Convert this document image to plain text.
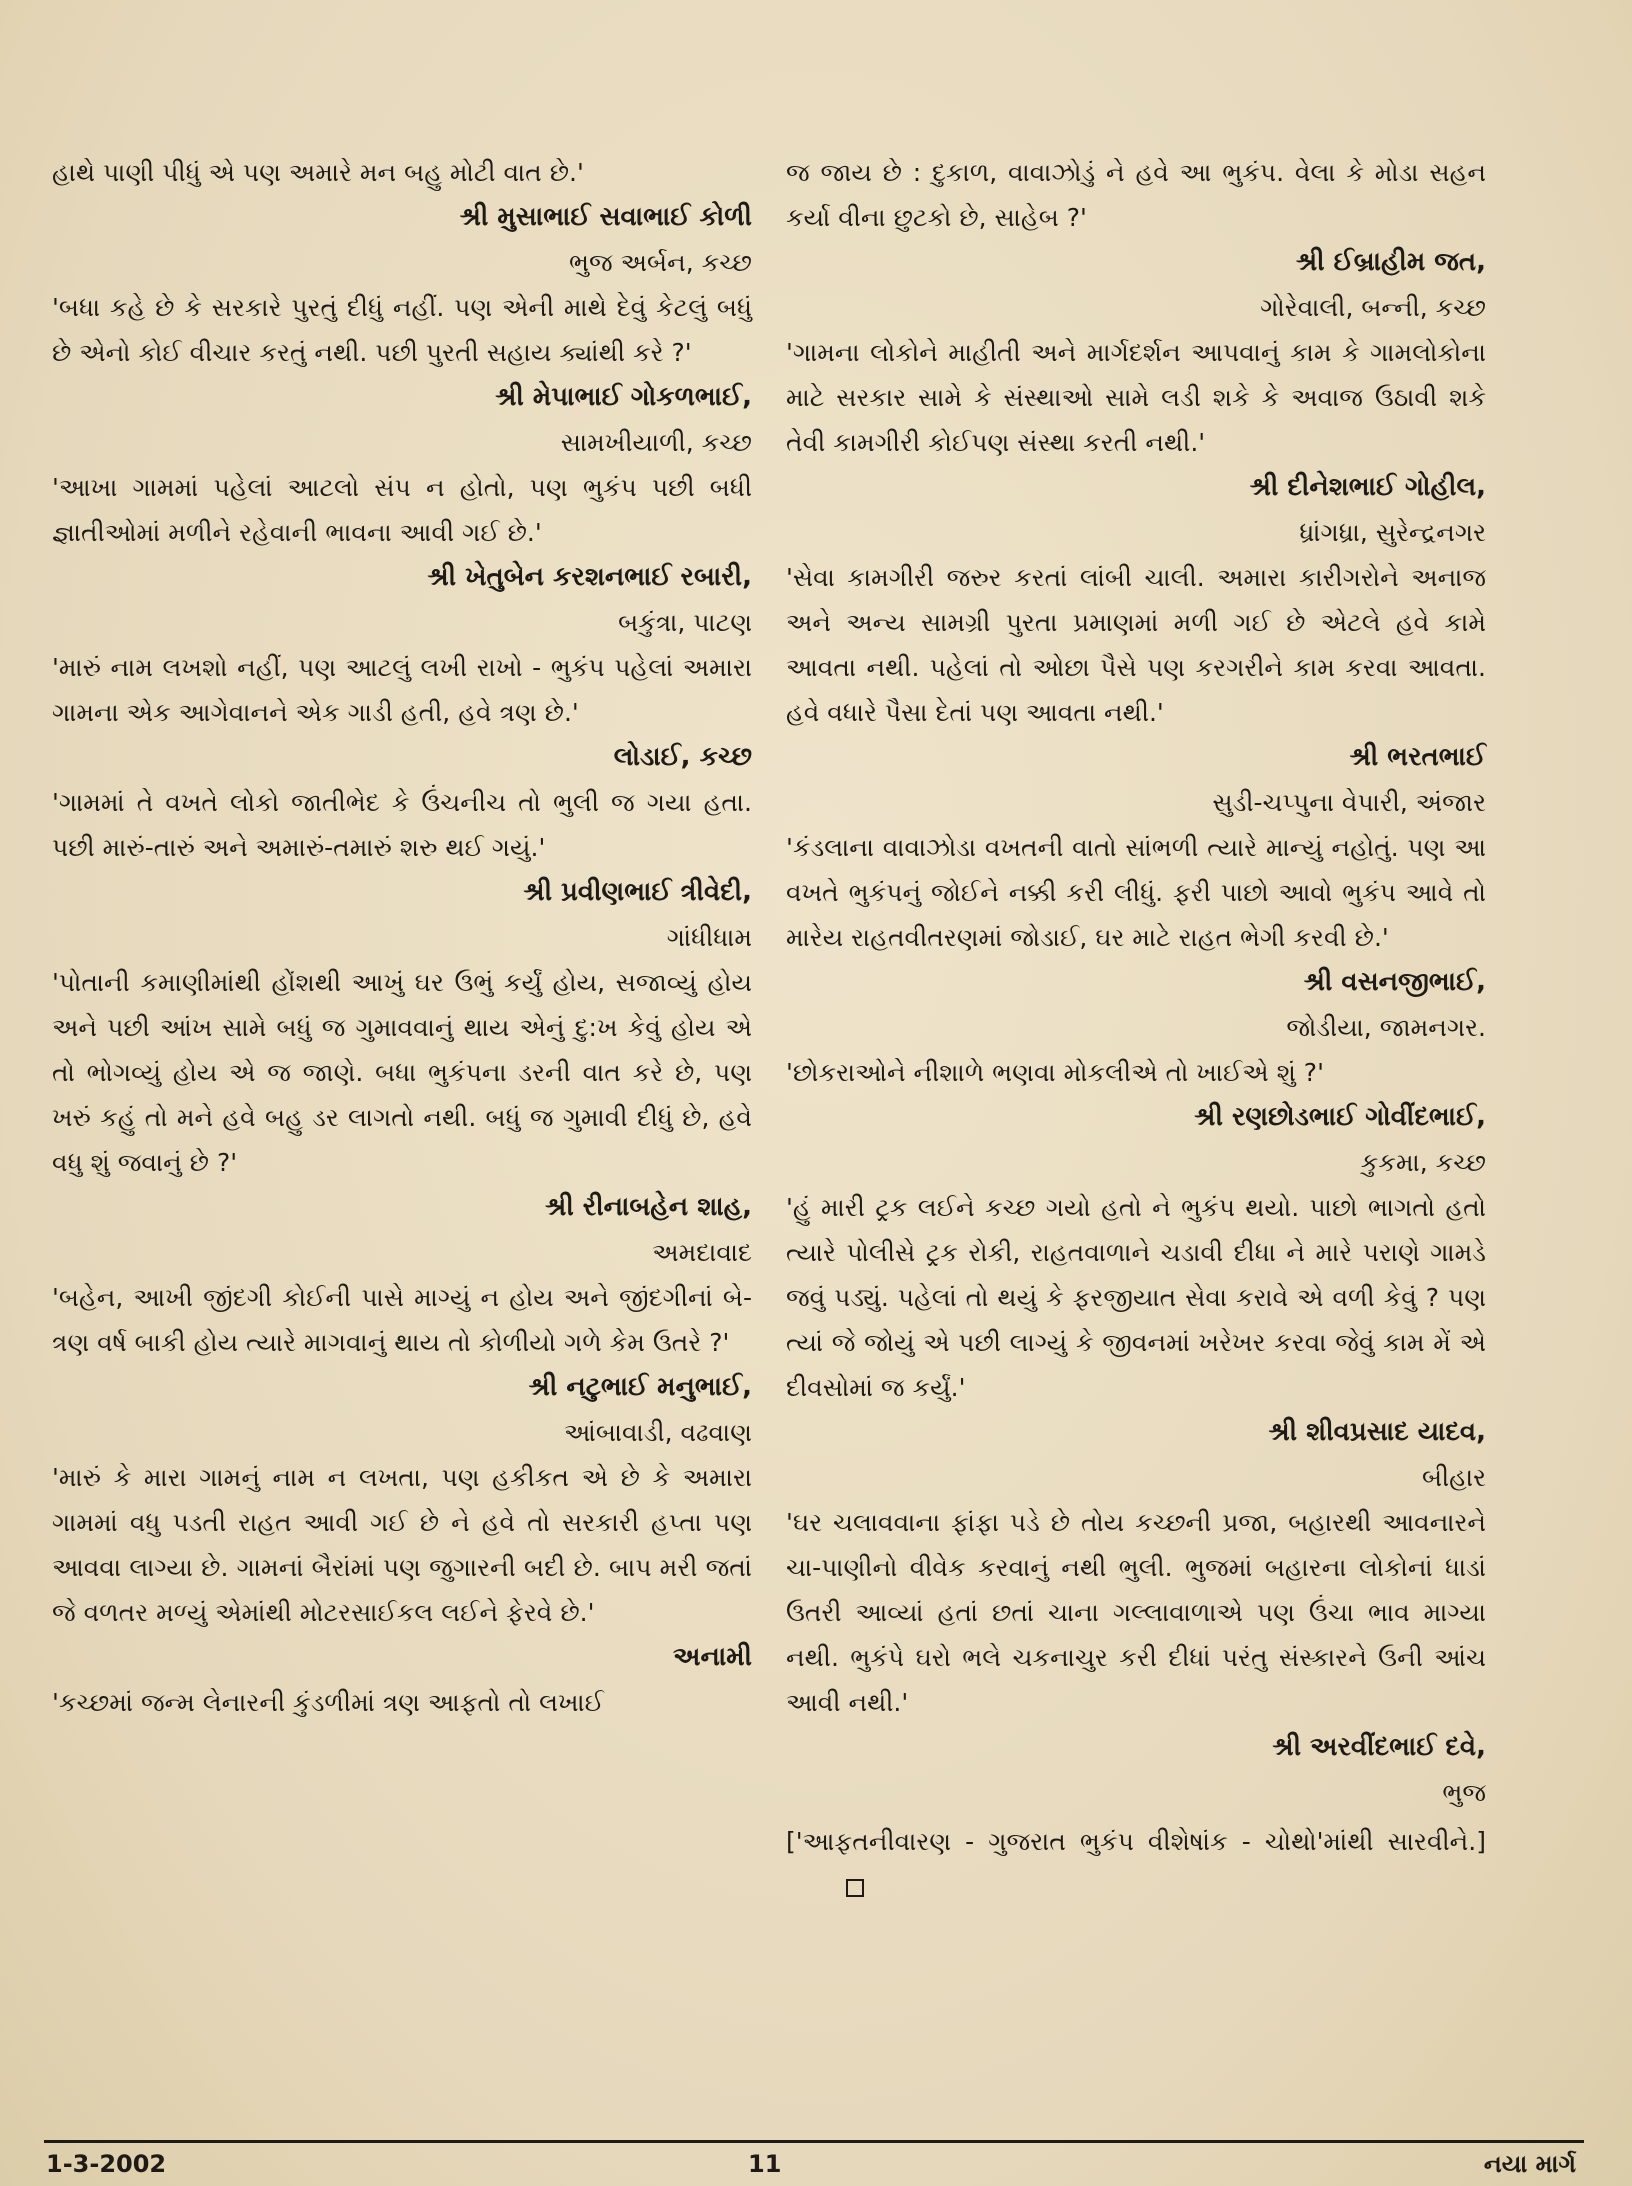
હાથે પાણી પીધું એ પણ અમારે મન બહુ મોટી વાત છે.'

શ્રી મુસાભાઈ સવાભાઈ કોળી

ભુજ અર્બન, કચ્છ

'બધા કહે છે કે સરકારે પુરતું દીધું નહીં. પણ એની માથે દેવું કેટલું બધું છે એનો કોઈ વીચાર કરતું નથી. પછી પુરતી સહાય ક્યાંથી કરે ?'

શ્રી મેપાભાઈ ગોકળભાઈ,

સામખીયાળી, કચ્છ

'આખા ગામમાં પહેલાં આટલો સંપ ન હોતો, પણ ભુકંપ પછી બધી જ્ઞાતીઓમાં મળીને રહેવાની ભાવના આવી ગઈ છે.'

શ્રી ખેતુબેન કરશનભાઈ રબારી,

બકુંત્રા, પાટણ

'મારું નામ લખશો નહીં, પણ આટલું લખી રાખો - ભુકંપ પહેલાં અમારા ગામના એક આગેવાનને એક ગાડી હતી, હવે ત્રણ છે.'

લોડાઈ, કચ્છ

'ગામમાં તે વખતે લોકો જાતીભેદ કે ઉંચનીચ તો ભુલી જ ગયા હતા. પછી મારું-તારું અને અમારું-તમારું શરુ થઈ ગયું.'

શ્રી પ્રવીણભાઈ ત્રીવેદી,

ગાંધીધામ

'પોતાની કમાણીમાંથી હોંશથી આખું ઘર ઉભું કર્યું હોય, સજાવ્યું હોય અને પછી આંખ સામે બધું જ ગુમાવવાનું થાય એનું દુ:ખ કેવું હોય એ તો ભોગવ્યું હોય એ જ જાણે. બધા ભુકંપના ડરની વાત કરે છે, પણ ખરું કહું તો મને હવે બહુ ડર લાગતો નથી. બધું જ ગુમાવી દીધું છે, હવે વધુ શું જવાનું છે ?'

શ્રી રીનાબહેન શાહ,

અમદાવાદ

'બહેન, આખી જીંદગી કોઈની પાસે માગ્યું ન હોય અને જીંદગીનાં બે-ત્રણ વર્ષ બાકી હોય ત્યારે માગવાનું થાય તો કોળીયો ગળે કેમ ઉતરે ?'

શ્રી નટુભાઈ મનુભાઈ,

આંબાવાડી, વઢવાણ

'મારું કે મારા ગામનું નામ ન લખતા, પણ હકીકત એ છે કે અમારા ગામમાં વધુ પડતી રાહત આવી ગઈ છે ને હવે તો સરકારી હપ્તા પણ આવવા લાગ્યા છે. ગામનાં બૈરાંમાં પણ જુગારની બદી છે. બાપ મરી જતાં જે વળતર મળ્યું એમાંથી મોટરસાઈકલ લઈને ફેરવે છે.'

અનામી

'કચ્છમાં જન્મ લેનારની કુંડળીમાં ત્રણ આફતો તો લખાઈ

જ જાય છે : દુકાળ, વાવાઝોડું ને હવે આ ભુકંપ. વેલા કે મોડા સહન કર્યા વીના છુટકો છે, સાહેબ ?'

શ્રી ઈબ્રાહીમ જત,

ગોરેવાલી, બન્ની, કચ્છ

'ગામના લોકોને માહીતી અને માર્ગદર્શન આપવાનું કામ કે ગામલોકોના માટે સરકાર સામે કે સંસ્થાઓ સામે લડી શકે કે અવાજ ઉઠાવી શકે તેવી કામગીરી કોઈપણ સંસ્થા કરતી નથી.'

શ્રી દીનેશભાઈ ગોહીલ,

ધ્રાંગધ્રા, સુરેન્દ્રનગર

'સેવા કામગીરી જરુર કરતાં લાંબી ચાલી. અમારા કારીગરોને અનાજ અને અન્ય સામગ્રી પુરતા પ્રમાણમાં મળી ગઈ છે એટલે હવે કામે આવતા નથી. પહેલાં તો ઓછા પૈસે પણ કરગરીને કામ કરવા આવતા. હવે વધારે પૈસા દેતાં પણ આવતા નથી.'

શ્રી ભરતભાઈ

સુડી-ચપ્પુના વેપારી, અંજાર

'કંડલાના વાવાઝોડા વખતની વાતો સાંભળી ત્યારે માન્યું નહોતું. પણ આ વખતે ભુકંપનું જોઈને નક્કી કરી લીધું. ફરી પાછો આવો ભુકંપ આવે તો મારેય રાહતવીતરણમાં જોડાઈ, ઘર માટે રાહત ભેગી કરવી છે.'

શ્રી વસનજીભાઈ,

જોડીયા, જામનગર.

'છોકરાઓને નીશાળે ભણવા મોકલીએ તો ખાઈએ શું ?'

શ્રી રણછોડભાઈ ગોવીંદભાઈ,

કુકમા, કચ્છ

'હું મારી ટ્રક લઈને કચ્છ ગયો હતો ને ભુકંપ થયો. પાછો ભાગતો હતો ત્યારે પોલીસે ટ્રક રોકી, રાહતવાળાને ચડાવી દીધા ને મારે પરાણે ગામડે જવું પડ્યું. પહેલાં તો થયું કે ફરજીયાત સેવા કરાવે એ વળી કેવું ? પણ ત્યાં જે જોયું એ પછી લાગ્યું કે જીવનમાં ખરેખર કરવા જેવું કામ મેં એ દીવસોમાં જ કર્યું.'

શ્રી શીવપ્રસાદ યાદવ,

બીહાર

'ઘર ચલાવવાના ફાંફા પડે છે તોય કચ્છની પ્રજા, બહારથી આવનારને ચા-પાણીનો વીવેક કરવાનું નથી ભુલી. ભુજમાં બહારના લોકોનાં ધાડાં ઉતરી આવ્યાં હતાં છતાં ચાના ગલ્લાવાળાએ પણ ઉંચા ભાવ માગ્યા નથી. ભુકંપે ઘરો ભલે ચકનાચુર કરી દીધાં પરંતુ સંસ્કારને ઉની આંચ આવી નથી.'

શ્રી અરવીંદભાઈ દવે,

ભુજ

['આફતનીવારણ - ગુજરાત ભુકંપ વીશેષાંક - ચોથો'માંથી સારવીને.]

1-3-2002	11	નયા માર્ગ
